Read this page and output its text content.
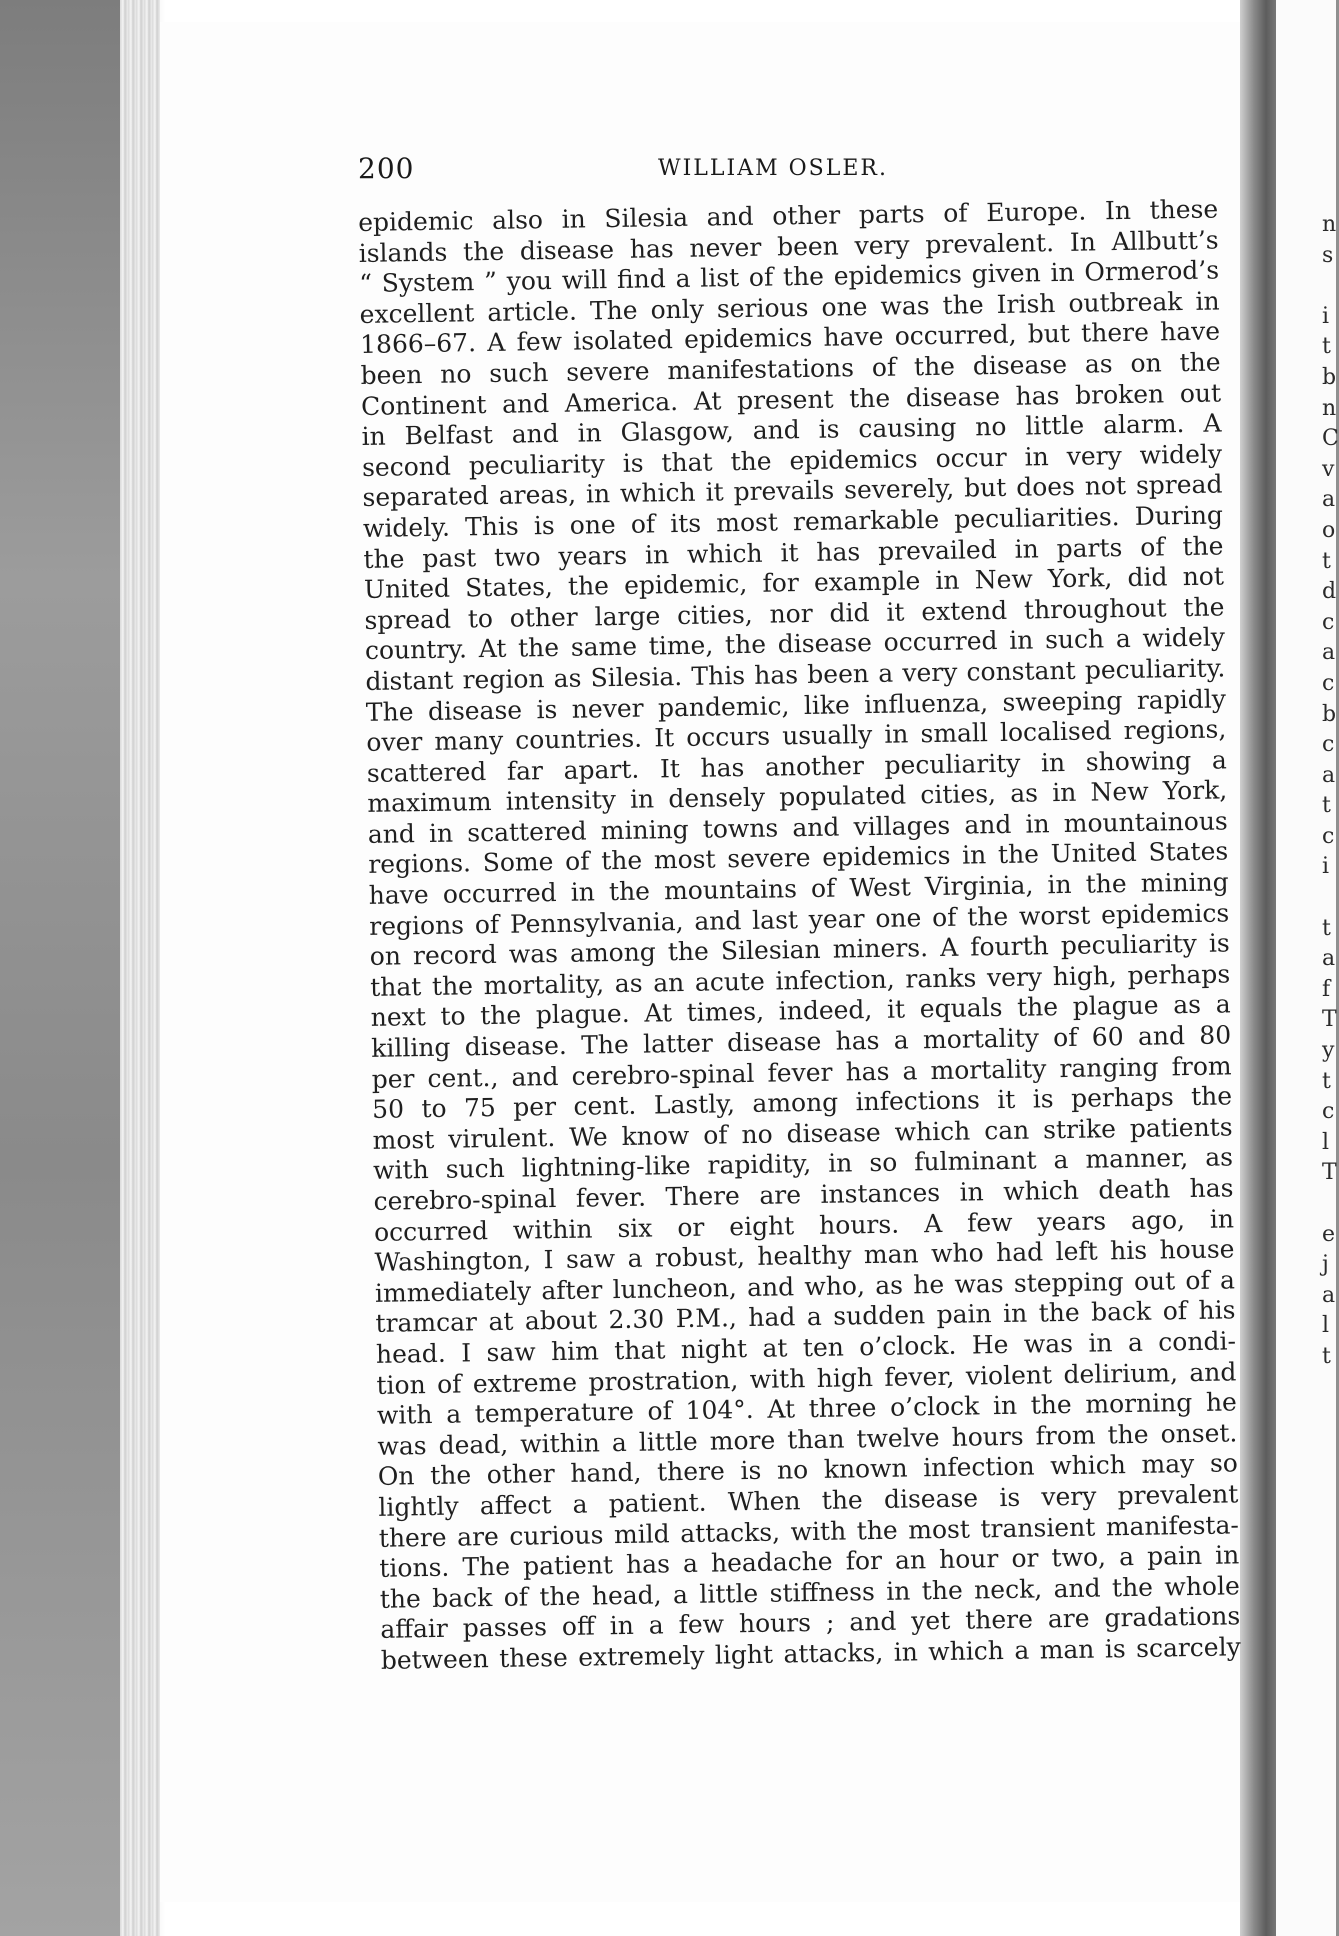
200	WILLIAM OSLER.
epidemic also in Silesia and other parts of Europe. In these
islands the disease has never been very prevalent. In Allbutt’s
“ System ” you will find a list of the epidemics given in Ormerod’s
excellent article. The only serious one was the Irish outbreak in
1866–67. A few isolated epidemics have occurred, but there have
been no such severe manifestations of the disease as on the
Continent and America. At present the disease has broken out
in Belfast and in Glasgow, and is causing no little alarm. A
second peculiarity is that the epidemics occur in very widely
separated areas, in which it prevails severely, but does not spread
widely. This is one of its most remarkable peculiarities. During
the past two years in which it has prevailed in parts of the
United States, the epidemic, for example in New York, did not
spread to other large cities, nor did it extend throughout the
country. At the same time, the disease occurred in such a widely
distant region as Silesia. This has been a very constant peculiarity.
The disease is never pandemic, like influenza, sweeping rapidly
over many countries. It occurs usually in small localised regions,
scattered far apart. It has another peculiarity in showing a
maximum intensity in densely populated cities, as in New York,
and in scattered mining towns and villages and in mountainous
regions. Some of the most severe epidemics in the United States
have occurred in the mountains of West Virginia, in the mining
regions of Pennsylvania, and last year one of the worst epidemics
on record was among the Silesian miners. A fourth peculiarity is
that the mortality, as an acute infection, ranks very high, perhaps
next to the plague. At times, indeed, it equals the plague as a
killing disease. The latter disease has a mortality of 60 and 80
per cent., and cerebro-spinal fever has a mortality ranging from
50 to 75 per cent. Lastly, among infections it is perhaps the
most virulent. We know of no disease which can strike patients
with such lightning-like rapidity, in so fulminant a manner, as
cerebro-spinal fever. There are instances in which death has
occurred within six or eight hours. A few years ago, in
Washington, I saw a robust, healthy man who had left his house
immediately after luncheon, and who, as he was stepping out of a
tramcar at about 2.30 P.M., had a sudden pain in the back of his
head. I saw him that night at ten o’clock. He was in a condi-
tion of extreme prostration, with high fever, violent delirium, and
with a temperature of 104°. At three o’clock in the morning he
was dead, within a little more than twelve hours from the onset.
On the other hand, there is no known infection which may so
lightly affect a patient. When the disease is very prevalent
there are curious mild attacks, with the most transient manifesta-
tions. The patient has a headache for an hour or two, a pain in
the back of the head, a little stiffness in the neck, and the whole
affair passes off in a few hours ; and yet there are gradations
between these extremely light attacks, in which a man is scarcely
n
s
i
t
b
n
C
v
a
o
t
d
c
a
c
b
c
a
t
c
i
t
a
f
T
y
t
c
l
T
e
j
a
l
t
